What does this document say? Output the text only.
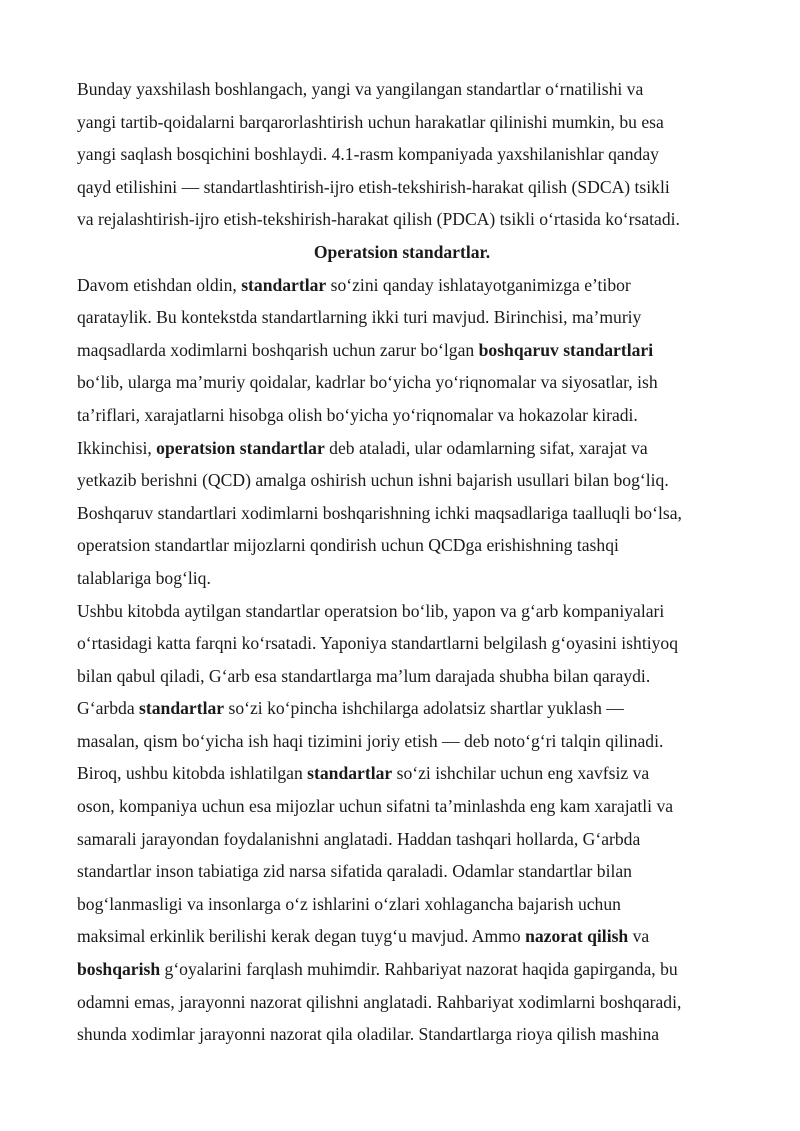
Bunday yaxshilash boshlangach, yangi va yangilangan standartlar oʻrnatilishi va
yangi tartib-qoidalarni barqarorlashtirish uchun harakatlar qilinishi mumkin, bu esa
yangi saqlash bosqichini boshlaydi. 4.1-rasm kompaniyada yaxshilanishlar qanday
qayd etilishini — standartlashtirish-ijro etish-tekshirish-harakat qilish (SDCA) tsikli
va rejalashtirish-ijro etish-tekshirish-harakat qilish (PDCA) tsikli oʻrtasida koʻrsatadi.
Operatsion standartlar.
Davom etishdan oldin, standartlar soʻzini qanday ishlatayotganimizga e’tibor
qarataylik. Bu kontekstda standartlarning ikki turi mavjud. Birinchisi, ma’muriy
maqsadlarda xodimlarni boshqarish uchun zarur boʻlgan boshqaruv standartlari
boʻlib, ularga ma’muriy qoidalar, kadrlar boʻyicha yoʻriqnomalar va siyosatlar, ish
ta’riflari, xarajatlarni hisobga olish boʻyicha yoʻriqnomalar va hokazolar kiradi.
Ikkinchisi, operatsion standartlar deb ataladi, ular odamlarning sifat, xarajat va
yetkazib berishni (QCD) amalga oshirish uchun ishni bajarish usullari bilan bogʻliq.
Boshqaruv standartlari xodimlarni boshqarishning ichki maqsadlariga taalluqli boʻlsa,
operatsion standartlar mijozlarni qondirish uchun QCDga erishishning tashqi
talablariga bogʻliq.
Ushbu kitobda aytilgan standartlar operatsion boʻlib, yapon va gʻarb kompaniyalari
oʻrtasidagi katta farqni koʻrsatadi. Yaponiya standartlarni belgilash gʻoyasini ishtiyoq
bilan qabul qiladi, Gʻarb esa standartlarga ma’lum darajada shubha bilan qaraydi.
Gʻarbda standartlar soʻzi koʻpincha ishchilarga adolatsiz shartlar yuklash —
masalan, qism boʻyicha ish haqi tizimini joriy etish — deb notoʻgʻri talqin qilinadi.
Biroq, ushbu kitobda ishlatilgan standartlar soʻzi ishchilar uchun eng xavfsiz va
oson, kompaniya uchun esa mijozlar uchun sifatni ta’minlashda eng kam xarajatli va
samarali jarayondan foydalanishni anglatadi. Haddan tashqari hollarda, Gʻarbda
standartlar inson tabiatiga zid narsa sifatida qaraladi. Odamlar standartlar bilan
bogʻlanmasligi va insonlarga oʻz ishlarini oʻzlari xohlagancha bajarish uchun
maksimal erkinlik berilishi kerak degan tuygʻu mavjud. Ammo nazorat qilish va
boshqarish gʻoyalarini farqlash muhimdir. Rahbariyat nazorat haqida gapirganda, bu
odamni emas, jarayonni nazorat qilishni anglatadi. Rahbariyat xodimlarni boshqaradi,
shunda xodimlar jarayonni nazorat qila oladilar. Standartlarga rioya qilish mashina
